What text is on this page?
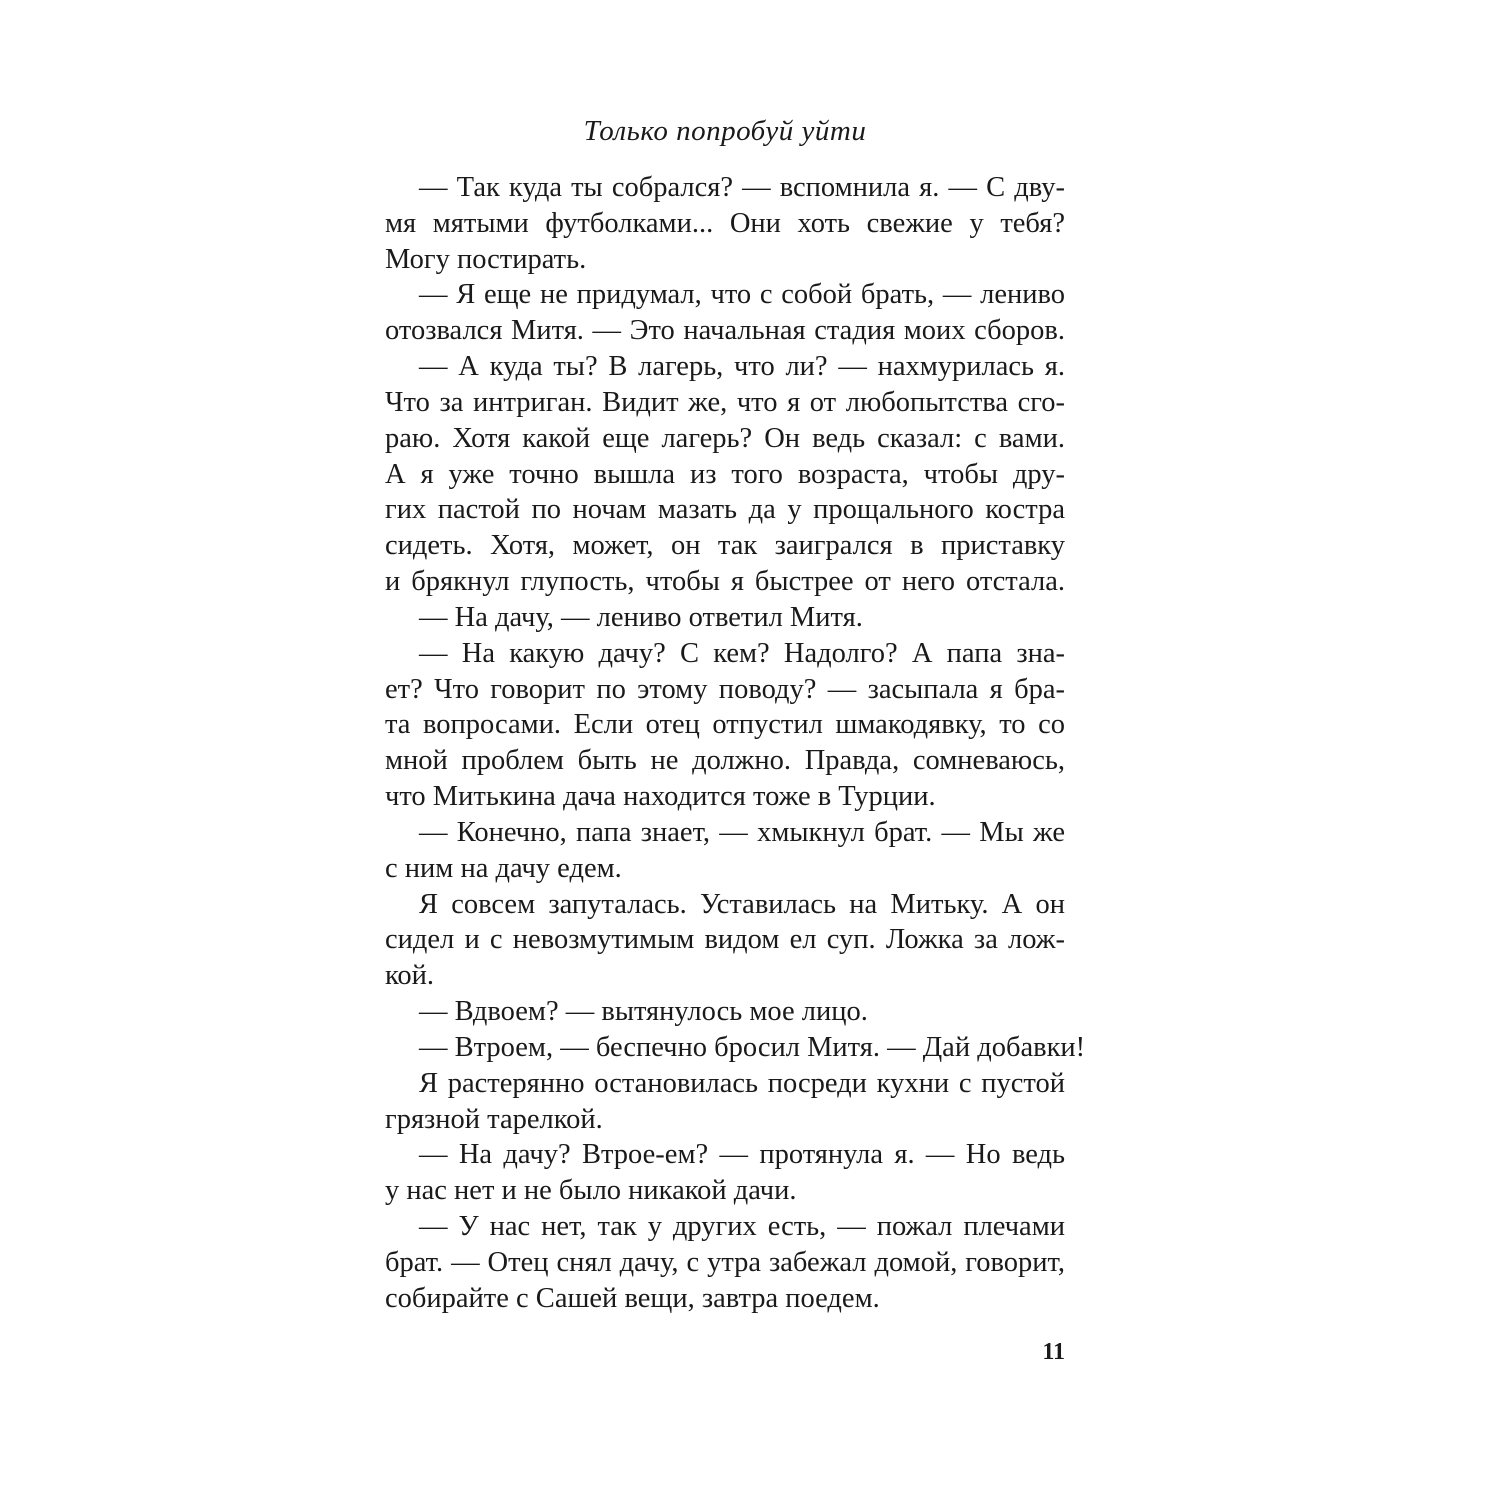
Только попробуй уйти
— Так куда ты собрался? — вспомнила я. — С дву-
мя мятыми футболками... Они хоть свежие у тебя?
Могу постирать.
— Я еще не придумал, что с собой брать, — лениво
отозвался Митя. — Это начальная стадия моих сборов.
— А куда ты? В лагерь, что ли? — нахмурилась я.
Что за интриган. Видит же, что я от любопытства сго-
раю. Хотя какой еще лагерь? Он ведь сказал: с вами.
А я уже точно вышла из того возраста, чтобы дру-
гих пастой по ночам мазать да у прощального костра
сидеть. Хотя, может, он так заигрался в приставку
и брякнул глупость, чтобы я быстрее от него отстала.
— На дачу, — лениво ответил Митя.
— На какую дачу? С кем? Надолго? А папа зна-
ет? Что говорит по этому поводу? — засыпала я бра-
та вопросами. Если отец отпустил шмакодявку, то со
мной проблем быть не должно. Правда, сомневаюсь,
что Митькина дача находится тоже в Турции.
— Конечно, папа знает, — хмыкнул брат. — Мы же
с ним на дачу едем.
Я совсем запуталась. Уставилась на Митьку. А он
сидел и с невозмутимым видом ел суп. Ложка за лож-
кой.
— Вдвоем? — вытянулось мое лицо.
— Втроем, — беспечно бросил Митя. — Дай добавки!
Я растерянно остановилась посреди кухни с пустой
грязной тарелкой.
— На дачу? Втрое-ем? — протянула я. — Но ведь
у нас нет и не было никакой дачи.
— У нас нет, так у других есть, — пожал плечами
брат. — Отец снял дачу, с утра забежал домой, говорит,
собирайте с Сашей вещи, завтра поедем.
11
